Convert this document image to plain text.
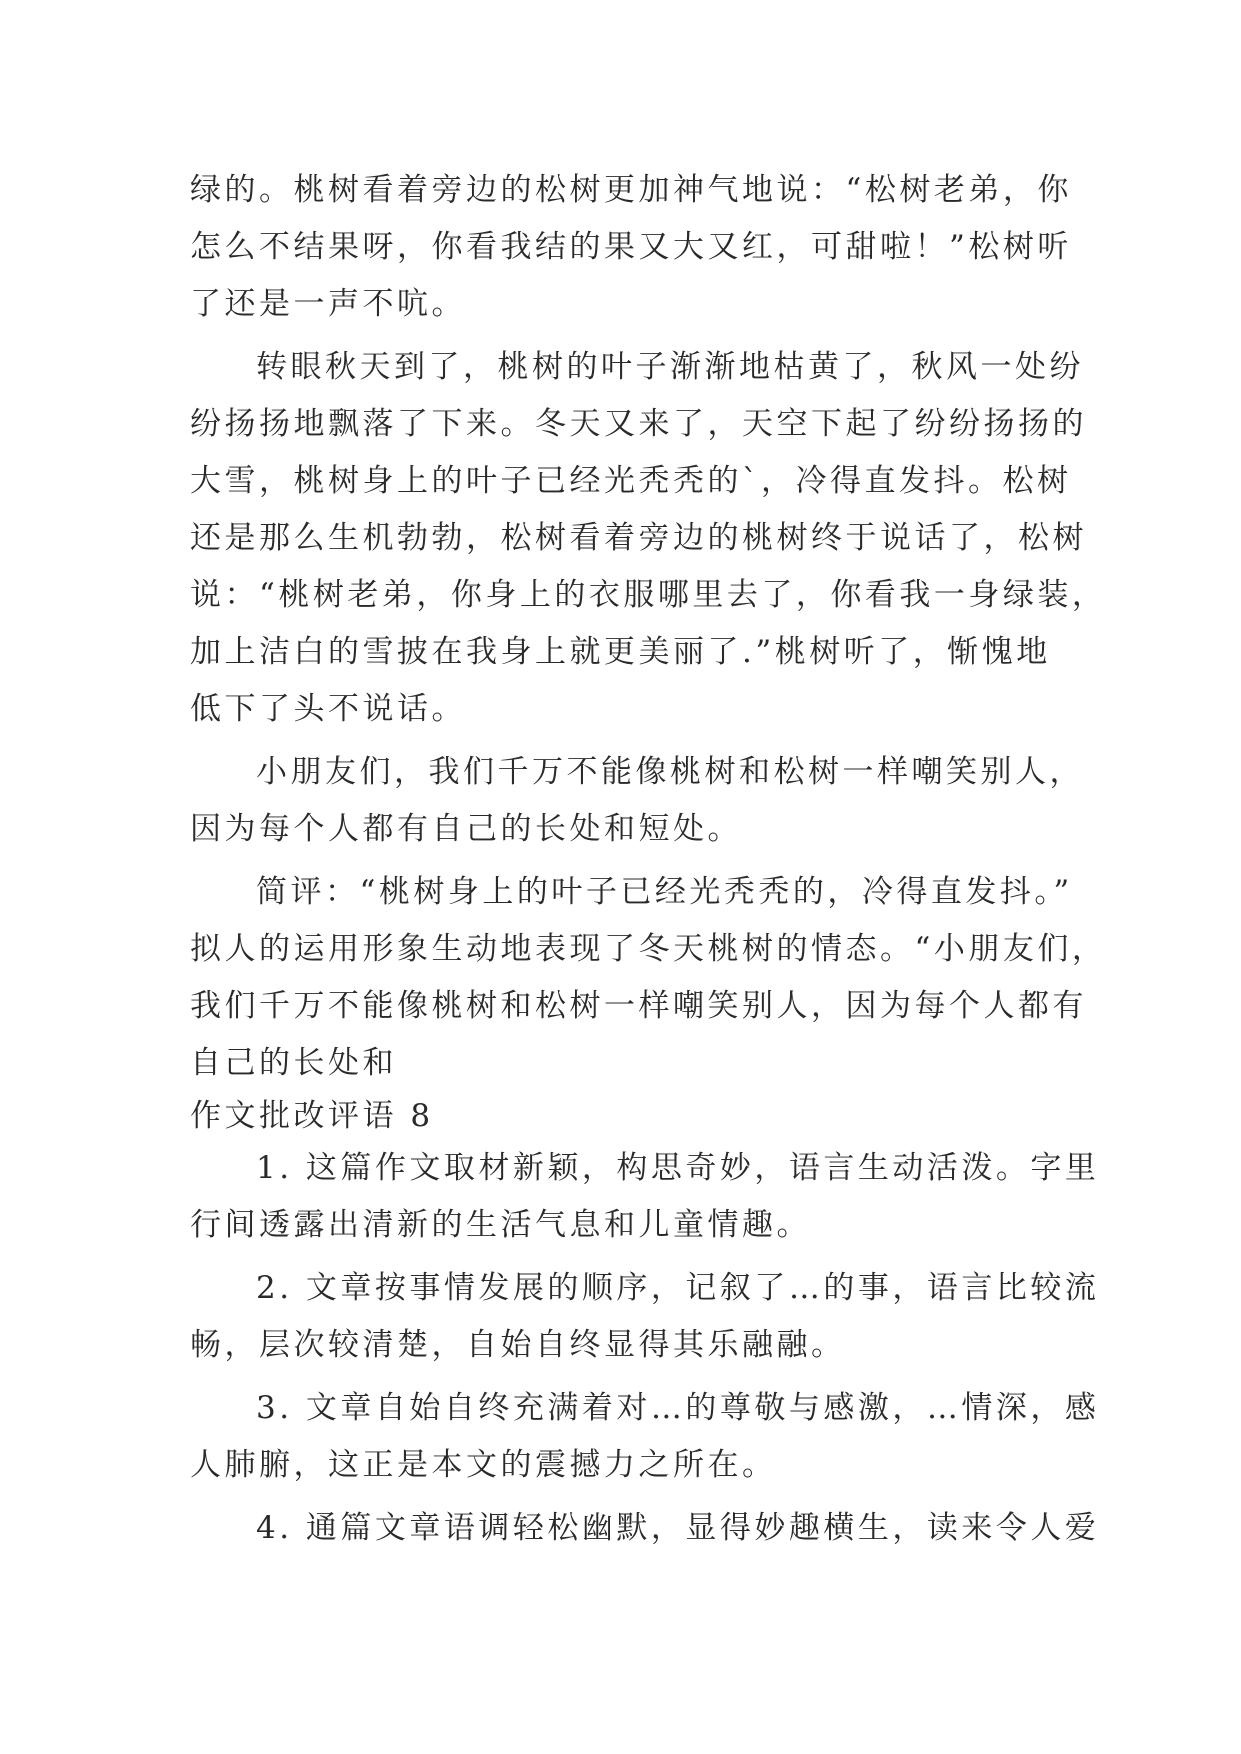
绿的。桃树看着旁边的松树更加神气地说：“松树老弟，你
怎么不结果呀，你看我结的果又大又红，可甜啦！”松树听
了还是一声不吭。
转眼秋天到了，桃树的叶子渐渐地枯黄了，秋风一处纷
纷扬扬地飘落了下来。冬天又来了，天空下起了纷纷扬扬的
大雪，桃树身上的叶子已经光秃秃的`，冷得直发抖。松树
还是那么生机勃勃，松树看着旁边的桃树终于说话了，松树
说：“桃树老弟，你身上的衣服哪里去了，你看我一身绿装，
加上洁白的雪披在我身上就更美丽了.”桃树听了，惭愧地
低下了头不说话。
小朋友们，我们千万不能像桃树和松树一样嘲笑别人，
因为每个人都有自己的长处和短处。
简评：“桃树身上的叶子已经光秃秃的，冷得直发抖。”
拟人的运用形象生动地表现了冬天桃树的情态。“小朋友们，
我们千万不能像桃树和松树一样嘲笑别人，因为每个人都有
自己的长处和
作文批改评语 8
1. 这篇作文取材新颖，构思奇妙，语言生动活泼。字里
行间透露出清新的生活气息和儿童情趣。
2. 文章按事情发展的顺序，记叙了…的事，语言比较流
畅，层次较清楚，自始自终显得其乐融融。
3. 文章自始自终充满着对…的尊敬与感激，…情深，感
人肺腑，这正是本文的震撼力之所在。
4. 通篇文章语调轻松幽默，显得妙趣横生，读来令人爱
